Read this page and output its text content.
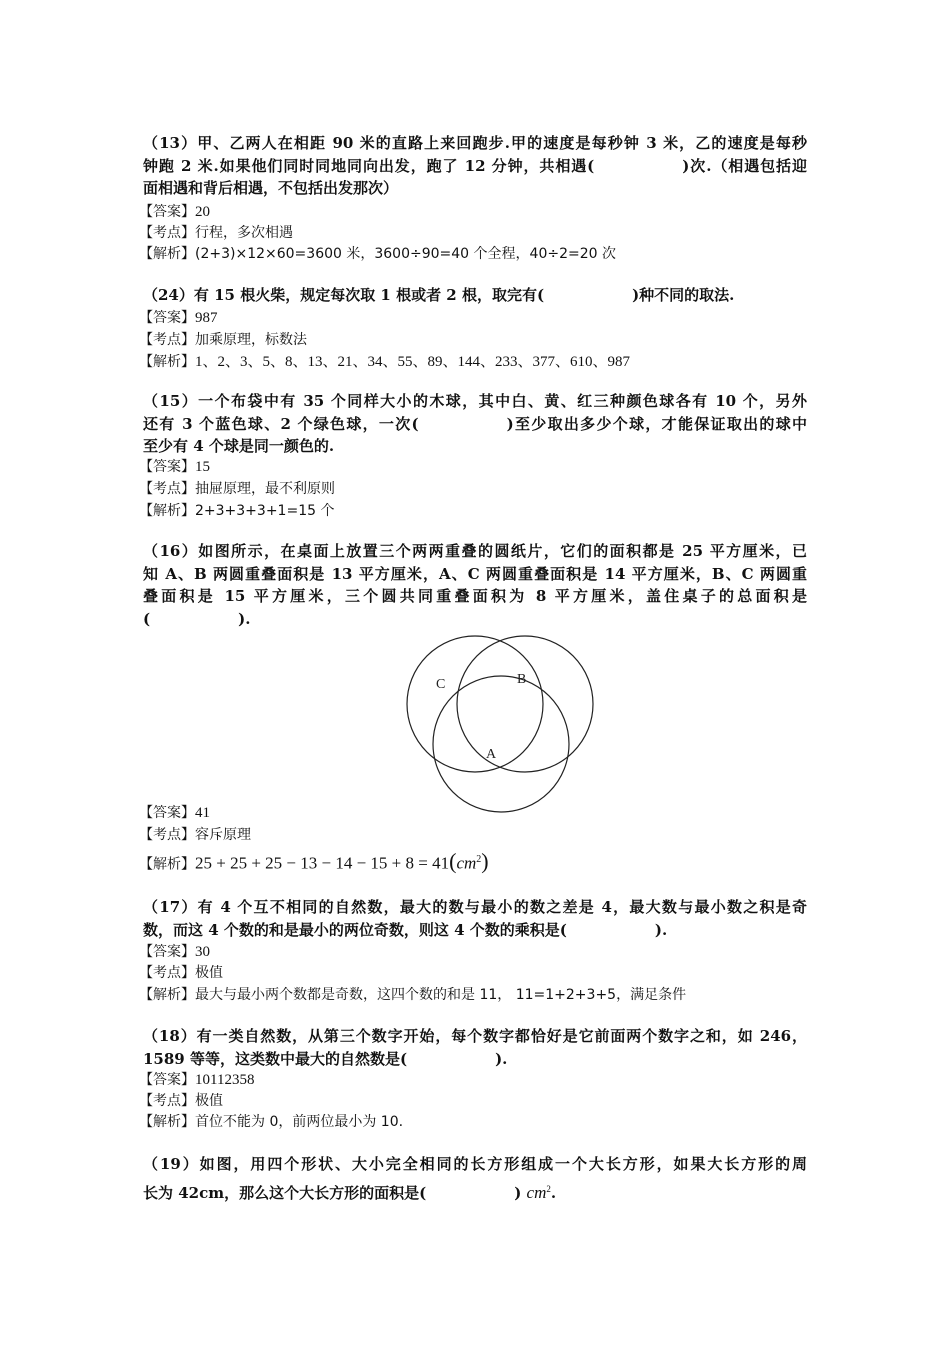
（13）甲、乙两人在相距 90 米的直路上来回跑步.甲的速度是每秒钟 3 米，乙的速度是每秒

钟跑 2 米.如果他们同时同地同向出发，跑了 12 分钟，共相遇(	)次.（相遇包括迎

面相遇和背后相遇，不包括出发那次）

【答案】20
【考点】行程，多次相遇
【解析】(2+3)×12×60=3600 米，3600÷90=40 个全程，40÷2=20 次

（24）有 15 根火柴，规定每次取 1 根或者 2 根，取完有(	)种不同的取法.

【答案】987
【考点】加乘原理，标数法
【解析】1、2、3、5、8、13、21、34、55、89、144、233、377、610、987

（15）一个布袋中有 35 个同样大小的木球，其中白、黄、红三种颜色球各有 10 个，另外

还有 3 个蓝色球、2 个绿色球，一次(	)至少取出多少个球，才能保证取出的球中

至少有 4 个球是同一颜色的.

【答案】15
【考点】抽屉原理，最不利原则
【解析】2+3+3+3+1=15 个

（16）如图所示，在桌面上放置三个两两重叠的圆纸片，它们的面积都是 25 平方厘米，已

知 A、B 两圆重叠面积是 13 平方厘米，A、C 两圆重叠面积是 14 平方厘米，B、C 两圆重

叠面积是 15 平方厘米，三个圆共同重叠面积为 8 平方厘米，盖住桌子的总面积是

(	).

C	B
A
【答案】41
【考点】容斥原理
【解析】$25 + 25 + 25 - 13 - 14 - 15 + 8 = 41(cm^2)$

（17）有 4 个互不相同的自然数，最大的数与最小的数之差是 4，最大数与最小数之积是奇

数，而这 4 个数的和是最小的两位奇数，则这 4 个数的乘积是(	).

【答案】30
【考点】极值
【解析】最大与最小两个数都是奇数，这四个数的和是 11， 11=1+2+3+5，满足条件

（18）有一类自然数，从第三个数字开始，每个数字都恰好是它前面两个数字之和，如 246，

1589 等等，这类数中最大的自然数是(	).

【答案】10112358
【考点】极值
【解析】首位不能为 0，前两位最小为 10.

（19）如图，用四个形状、大小完全相同的长方形组成一个大长方形，如果大长方形的周

长为 42cm，那么这个大长方形的面积是(	) $cm^2$.
